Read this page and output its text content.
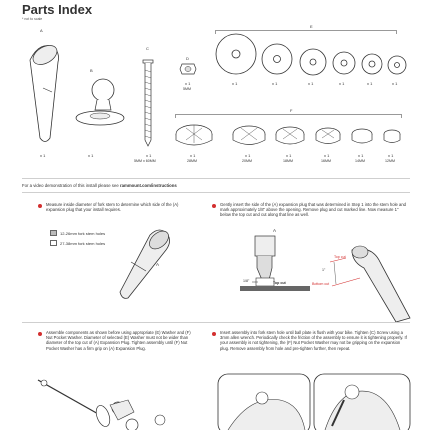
Parts Index
* not to scale
A
x 1
B
x 1
C
x 1
5MM x 60MM
D
x 1
5MM
E
x 1	x 1	x 1	x 1	x 1	x 1
F
x 1
28MM
x 1
20MM
x 1
18MM
x 1
16MM
x 1
14MM
x 1
12MM
For a video demonstration of this install please see rammount.com/instructions
Measure inside diameter of fork stem to determine which side of the (A) expansion plug that your install requires.
12-26mm fork stem holes
27-38mm fork stem holes
A
Gently insert the side of the (A) expansion plug that was determined in Step 1 into the stem hole and mark approximately 1/8" above the opening. Remove plug and cut marked line. Now measure 1" below the top cut and cut along that line as well.
A
1/8"	Top cut
1"
Top cut
Bottom cut
Assemble components as shown before using appropriate (E) Washer and (F) Nut Pocket Washer. Diameter of selected (E) Washer must not be wider than diameter of the top cut of (A) Expansion Plug. Tighten assembly until (F) Nut Pocket Washer has a firm grip on (A) Expansion Plug.
Insert assembly into fork stem hole until ball plate is flush with your bike. Tighten (C) Screw using a 3mm allen wrench. Periodically check the friction of the assembly to ensure it is tightening properly. If your assembly is not tightening, the (F) Nut Pocket Washer may not be gripping on the expansion plug. Remove assembly from hole and pre-tighten further, then repeat.
